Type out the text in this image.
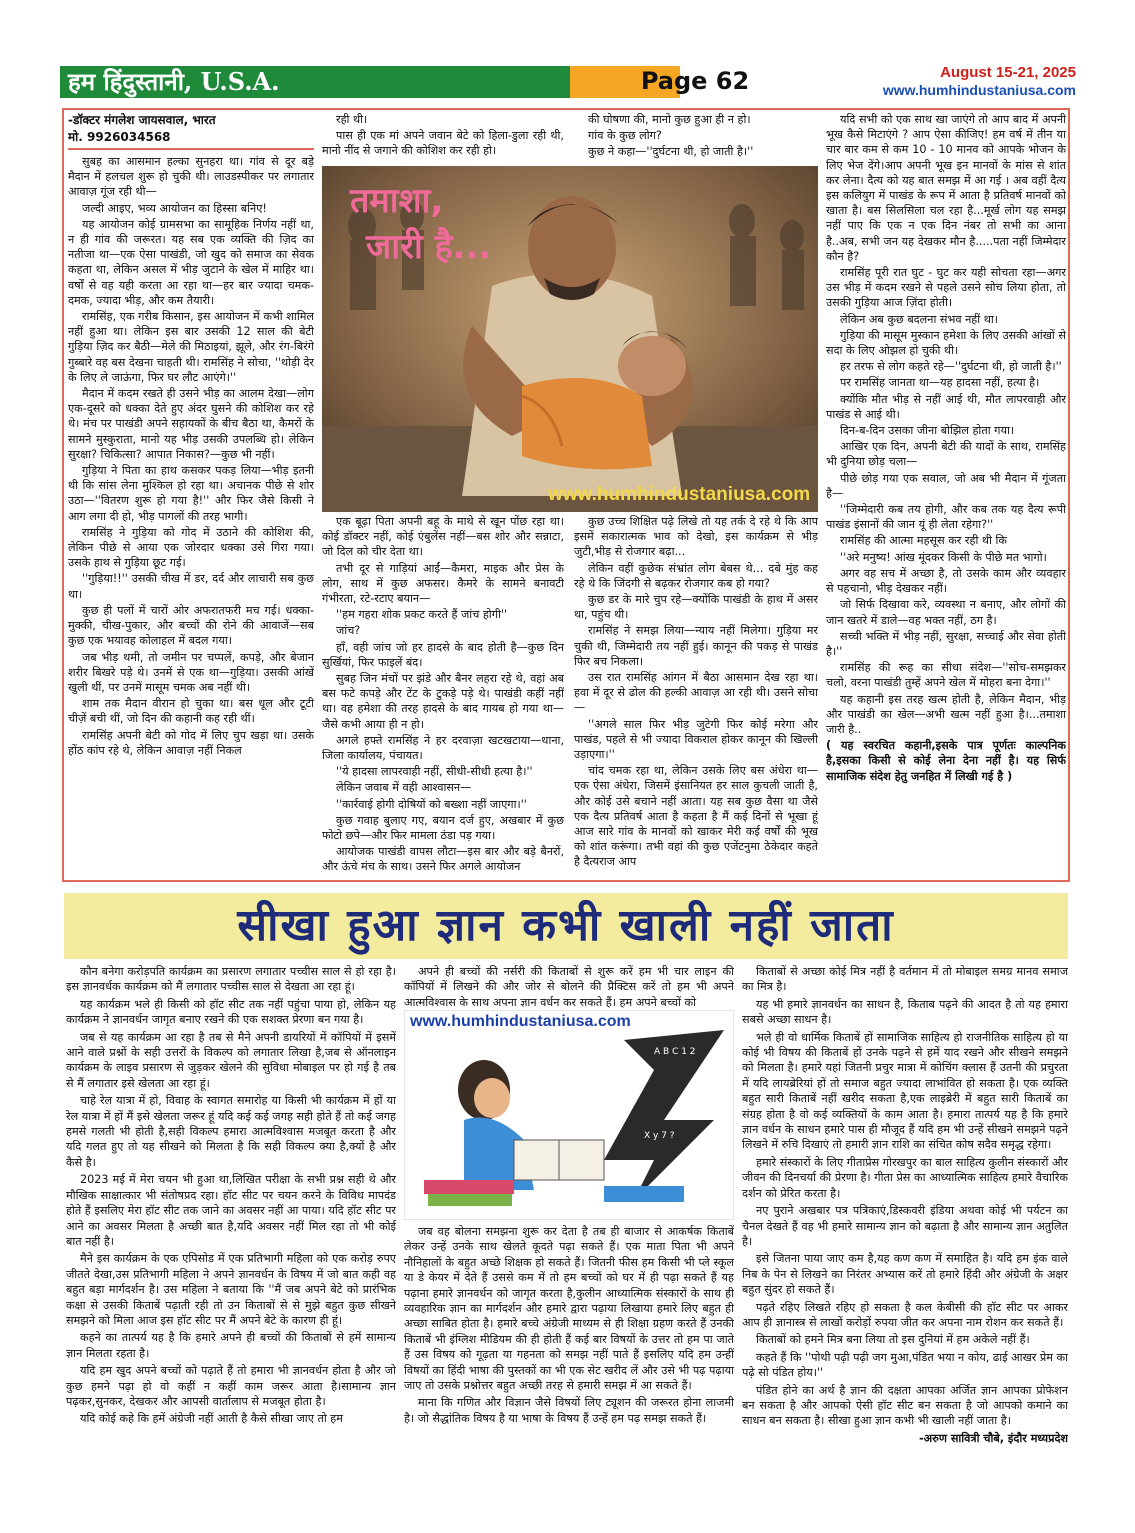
हम हिंदुस्तानी, U.S.A.	Page 62	August 15-21, 2025
www.humhindustaniusa.com
-डॉक्टर मंगलेश जायसवाल, भारत
मो. 9926034568

सुबह का आसमान हल्का सुनहरा था। गांव से दूर बड़े मैदान में हलचल शुरू हो चुकी थी। लाउडस्पीकर पर लगातार आवाज़ गूंज रही थी—

जल्दी आइए, भव्य आयोजन का हिस्सा बनिए!

यह आयोजन कोई ग्रामसभा का सामूहिक निर्णय नहीं था, न ही गांव की जरूरत। यह सब एक व्यक्ति की ज़िद का नतीजा था—एक ऐसा पाखंडी, जो खुद को समाज का सेवक कहता था, लेकिन असल में भीड़ जुटाने के खेल में माहिर था। वर्षों से वह यही करता आ रहा था—हर बार ज्यादा चमक-दमक, ज्यादा भीड़, और कम तैयारी।

रामसिंह, एक गरीब किसान, इस आयोजन में कभी शामिल नहीं हुआ था। लेकिन इस बार उसकी 12 साल की बेटी गुड़िया ज़िद कर बैठी—मेले की मिठाइयां, झूले, और रंग-बिरंगे गुब्बारे वह बस देखना चाहती थी। रामसिंह ने सोचा, ''थोड़ी देर के लिए ले जाऊंगा, फिर घर लौट आएंगे।''

मैदान में कदम रखते ही उसने भीड़ का आलम देखा—लोग एक-दूसरे को धक्का देते हुए अंदर घुसने की कोशिश कर रहे थे। मंच पर पाखंडी अपने सहायकों के बीच बैठा था, कैमरों के सामने मुस्कुराता, मानो यह भीड़ उसकी उपलब्धि हो। लेकिन सुरक्षा? चिकित्सा? आपात निकास?—कुछ भी नहीं।

गुड़िया ने पिता का हाथ कसकर पकड़ लिया—भीड़ इतनी थी कि सांस लेना मुश्किल हो रहा था। अचानक पीछे से शोर उठा—''वितरण शुरू हो गया है!'' और फिर जैसे किसी ने आग लगा दी हो, भीड़ पागलों की तरह भागी।

रामसिंह ने गुड़िया को गोद में उठाने की कोशिश की, लेकिन पीछे से आया एक जोरदार धक्का उसे गिरा गया। उसके हाथ से गुड़िया छूट गई।

''गुड़िया!!'' उसकी चीख में डर, दर्द और लाचारी सब कुछ था।

कुछ ही पलों में चारों ओर अफरातफरी मच गई। धक्का-मुक्की, चीख-पुकार, और बच्चों की रोने की आवाजें—सब कुछ एक भयावह कोलाहल में बदल गया।

जब भीड़ थमी, तो जमीन पर चप्पलें, कपड़े, और बेजान शरीर बिखरे पड़े थे। उनमें से एक था—गुड़िया। उसकी आंखें खुली थीं, पर उनमें मासूम चमक अब नहीं थी।

शाम तक मैदान वीरान हो चुका था। बस धूल और टूटी चीज़ें बची थीं, जो दिन की कहानी कह रही थीं।

रामसिंह अपनी बेटी को गोद में लिए चुप खड़ा था। उसके होंठ कांप रहे थे, लेकिन आवाज़ नहीं निकल

रही थी।

पास ही एक मां अपने जवान बेटे को हिला-डुला रही थी, मानो नींद से जगाने की कोशिश कर रही हो।

की घोषणा की, मानो कुछ हुआ ही न हो।

गांव के कुछ लोग?

कुछ ने कहा—''दुर्घटना थी, हो जाती है।''

तमाशा,
जारी है...
www.humhindustaniusa.com

एक बूढ़ा पिता अपनी बहू के माथे से खून पोंछ रहा था। कोई डॉक्टर नहीं, कोई एंबुलेंस नहीं—बस शोर और सन्नाटा, जो दिल को चीर देता था।

तभी दूर से गाड़ियां आईं—कैमरा, माइक और प्रेस के लोग, साथ में कुछ अफसर। कैमरे के सामने बनावटी गंभीरता, रटे-रटाए बयान—

''हम गहरा शोक प्रकट करते हैं जांच होगी''

जांच?

हाँ, वही जांच जो हर हादसे के बाद होती है—कुछ दिन सुर्खियां, फिर फाइलें बंद।

सुबह जिन मंचों पर झंडे और बैनर लहरा रहे थे, वहां अब बस फटे कपड़े और टेंट के टुकड़े पड़े थे। पाखंडी कहीं नहीं था। वह हमेशा की तरह हादसे के बाद गायब हो गया था—जैसे कभी आया ही न हो।

अगले हफ्ते रामसिंह ने हर दरवाज़ा खटखटाया—थाना, जिला कार्यालय, पंचायत।

''ये हादसा लापरवाही नहीं, सीधी-सीधी हत्या है।''

लेकिन जवाब में वही आश्वासन—

''कार्रवाई होगी दोषियों को बख्शा नहीं जाएगा।''

कुछ गवाह बुलाए गए, बयान दर्ज हुए, अखबार में कुछ फोटो छपे—और फिर मामला ठंडा पड़ गया।

आयोजक पाखंडी वापस लौटा—इस बार और बड़े बैनरों, और ऊंचे मंच के साथ। उसने फिर अगले आयोजन

कुछ उच्च शिक्षित पढ़े लिखे तो यह तर्क दे रहे थे कि आप इसमें सकारात्मक भाव को देखो, इस कार्यक्रम से भीड़ जुटी,भीड़ से रोजगार बढ़ा...

लेकिन वहीं कुछेक संभ्रांत लोग बेबस थे... दबे मुंह कह रहे थे कि जिंदगी से बढ़कर रोजगार कब हो गया?

कुछ डर के मारे चुप रहे—क्योंकि पाखंडी के हाथ में असर था, पहुंच थी।

रामसिंह ने समझ लिया—न्याय नहीं मिलेगा। गुड़िया मर चुकी थी, जिम्मेदारी तय नहीं हुई। कानून की पकड़ से पाखंड फिर बच निकला।

उस रात रामसिंह आंगन में बैठा आसमान देख रहा था। हवा में दूर से ढोल की हल्की आवाज़ आ रही थी। उसने सोचा—

''अगले साल फिर भीड़ जुटेगी फिर कोई मरेगा और पाखंड, पहले से भी ज्यादा विकराल होकर कानून की खिल्ली उड़ाएगा।''

चांद चमक रहा था, लेकिन उसके लिए बस अंधेरा था—एक ऐसा अंधेरा, जिसमें इंसानियत हर साल कुचली जाती है, और कोई उसे बचाने नहीं आता। यह सब कुछ वैसा था जैसे एक दैत्य प्रतिवर्ष आता है कहता है मैं कई दिनों से भूखा हूं आज सारे गांव के मानवों को खाकर मेरी कई वर्षों की भूख को शांत करूंगा। तभी वहां की कुछ एजेंटनुमा ठेकेदार कहते है दैत्यराज आप

यदि सभी को एक साथ खा जाएंगे तो आप बाद में अपनी भूख कैसे मिटाएंगे ? आप ऐसा कीजिए! हम वर्ष में तीन या चार बार कम से कम 10 - 10 मानव को आपके भोजन के लिए भेज देंगे।आप अपनी भूख इन मानवों के मांस से शांत कर लेना। दैत्य को यह बात समझ में आ गई । अब वहीं दैत्य इस कलियुग में पाखंड के रूप में आता है प्रतिवर्ष मानवों को खाता है। बस सिलसिला चल रहा है...मूर्ख लोग यह समझ नहीं पाए कि एक न एक दिन नंबर तो सभी का आना है..अब, सभी जन यह देखकर मौन है.....पता नहीं जिम्मेदार कौन है?

रामसिंह पूरी रात घुट - घुट कर यही सोचता रहा—अगर उस भीड़ में कदम रखने से पहले उसने सोच लिया होता, तो उसकी गुड़िया आज ज़िंदा होती।

लेकिन अब कुछ बदलना संभव नहीं था।

गुड़िया की मासूम मुस्कान हमेशा के लिए उसकी आंखों से सदा के लिए ओझल हो चुकी थी।

हर तरफ से लोग कहते रहे—''दुर्घटना थी, हो जाती है।''

पर रामसिंह जानता था—यह हादसा नहीं, हत्या है।

क्योंकि मौत भीड़ से नहीं आई थी, मौत लापरवाही और पाखंड से आई थी।

दिन-ब-दिन उसका जीना बोझिल होता गया।

आखिर एक दिन, अपनी बेटी की यादों के साथ, रामसिंह भी दुनिया छोड़ चला—

पीछे छोड़ गया एक सवाल, जो अब भी मैदान में गूंजता है—

''जिम्मेदारी कब तय होगी, और कब तक यह दैत्य रूपी पाखंड इंसानों की जान यूं ही लेता रहेगा?''

रामसिंह की आत्मा महसूस कर रही थी कि

''अरे मनुष्य! आंख मूंदकर किसी के पीछे मत भागो।

अगर वह सच में अच्छा है, तो उसके काम और व्यवहार से पहचानो, भीड़ देखकर नहीं।

जो सिर्फ दिखावा करे, व्यवस्था न बनाए, और लोगों की जान खतरे में डाले—वह भक्त नहीं, ठग है।

सच्ची भक्ति में भीड़ नहीं, सुरक्षा, सच्चाई और सेवा होती है।''

रामसिंह की रूह का सीधा संदेश—''सोच-समझकर चलो, वरना पाखंडी तुम्हें अपने खेल में मोहरा बना देगा।''

यह कहानी इस तरह खत्म होती है, लेकिन मैदान, भीड़ और पाखंडी का खेल—अभी खत्म नहीं हुआ है।...तमाशा जारी है..

( यह स्वरचित कहानी,इसके पात्र पूर्णतः काल्पनिक है,इसका किसी से कोई लेना देना नहीं है। यह सिर्फ सामाजिक संदेश हेतु जनहित में लिखी गई है )

सीखा हुआ ज्ञान कभी खाली नहीं जाता

कौन बनेगा करोड़पति कार्यक्रम का प्रसारण लगातार पच्चीस साल से हो रहा है। इस ज्ञानवर्धक कार्यक्रम को मैं लगातार पच्चीस साल से देखता आ रहा हूं।

यह कार्यक्रम भले ही किसी को हॉट सीट तक नहीं पहुंचा पाया हो, लेकिन यह कार्यक्रम ने ज्ञानवर्धन जागृत बनाए रखने की एक सशक्त प्रेरणा बन गया है।

जब से यह कार्यक्रम आ रहा है तब से मैने अपनी डायरियों में कॉपियों में इसमें आने वाले प्रश्नों के सही उत्तरों के विकल्प को लगातार लिखा है,जब से ऑनलाइन कार्यक्रम के लाइव प्रसारण से जुड़कर खेलने की सुविधा मोबाइल पर हो गई है तब से मैं लगातार इसे खेलता आ रहा हूं।

चाहे रेल यात्रा में हो, विवाह के स्वागत समारोह या किसी भी कार्यक्रम में हों या रेल यात्रा में हों मैं इसे खेलता जरूर हूं यदि कई कई जगह सही होते हैं तो कई जगह हमसे गलती भी होती है,सही विकल्प हमारा आत्मविश्वास मजबूत करता है और यदि गलत हुए तो यह सीखने को मिलता है कि सही विकल्प क्या है,क्यों है और कैसे है।

2023 मई में मेरा चयन भी हुआ था,लिखित परीक्षा के सभी प्रश्न सही थे और मौखिक साक्षात्कार भी संतोषप्रद रहा। हॉट सीट पर चयन करने के विविध मापदंड होते हैं इसलिए मेरा हॉट सीट तक जाने का अवसर नहीं आ पाया। यदि हॉट सीट पर आने का अवसर मिलता है अच्छी बात है,यदि अवसर नहीं मिल रहा तो भी कोई बात नहीं है।

मैने इस कार्यक्रम के एक एपिसोड में एक प्रतिभागी महिला को एक करोड़ रुपए जीतते देखा,उस प्रतिभागी महिला ने अपने ज्ञानवर्धन के विषय में जो बात कही वह बहुत बड़ा मार्गदर्शन है। उस महिला ने बताया कि ''मैं जब अपने बेटे को प्रारंभिक कक्षा से उसकी किताबें पढ़ाती रही तो उन किताबों से से मुझे बहुत कुछ सीखने समझने को मिला आज इस हॉट सीट पर मैं अपने बेटे के कारण ही हूं।

कहने का तात्पर्य यह है कि हमारे अपने ही बच्चों की किताबों से हमें सामान्य ज्ञान मिलता रहता है।

यदि हम खुद अपने बच्चों को पढ़ाते हैं तो हमारा भी ज्ञानवर्धन होता है और जो कुछ हमने पढ़ा हो वो कहीं न कहीं काम जरूर आता है।सामान्य ज्ञान पढ़कर,सुनकर, देखकर और आपसी वार्तालाप से मजबूत होता है।

यदि कोई कहे कि हमें अंग्रेजी नहीं आती है कैसे सीखा जाए तो हम

अपने ही बच्चों की नर्सरी की किताबों से शुरू करें हम भी चार लाइन की कॉपियों में लिखने की और जोर से बोलने की प्रैक्टिस करें तो हम भी अपने आत्मविश्वास के साथ अपना ज्ञान वर्धन कर सकते हैं। हम अपने बच्चों को

A B C 1 2
X y 7 ?
www.humhindustaniusa.com

जब वह बोलना समझना शुरू कर देता है तब ही बाजार से आकर्षक किताबें लेकर उन्हें उनके साथ खेलते कूदते पढ़ा सकते हैं। एक माता पिता भी अपने नौनिहालों के बहुत अच्छे शिक्षक हो सकते हैं। जितनी फीस हम किसी भी प्ले स्कूल या डे केयर में देते हैं उससे कम में तो हम बच्चों को घर में ही पढ़ा सकते हैं यह पढ़ाना हमारे ज्ञानवर्धन को जागृत करता है,कुलीन आध्यात्मिक संस्कारों के साथ ही व्यवहारिक ज्ञान का मार्गदर्शन और हमारे द्वारा पढ़ाया लिखाया हमारे लिए बहुत ही अच्छा साबित होता है। हमारे बच्चे अंग्रेजी माध्यम से ही शिक्षा ग्रहण करते हैं उनकी किताबें भी इंग्लिश मीडियम की ही होती हैं कई बार विषयों के उत्तर तो हम पा जाते हैं उस विषय को गूढ़ता या गहनता को समझ नहीं पाते हैं इसलिए यदि हम उन्हीं विषयों का हिंदी भाषा की पुस्तकों का भी एक सेट खरीद लें और उसे भी पढ़ पढ़ाया जाए तो उसके प्रश्नोत्तर बहुत अच्छी तरह से हमारी समझ में आ सकते हैं।

माना कि गणित और विज्ञान जैसे विषयों लिए ट्यूशन की जरूरत होना लाजमी है। जो सैद्धांतिक विषय है या भाषा के विषय हैं उन्हें हम पढ़ समझ सकते हैं।

किताबों से अच्छा कोई मित्र नहीं है वर्तमान में तो मोबाइल समग्र मानव समाज का मित्र है।

यह भी हमारे ज्ञानवर्धन का साधन है, किताब पढ़ने की आदत है तो यह हमारा सबसे अच्छा साधन है।

भले ही वो धार्मिक किताबें हों सामाजिक साहित्य हो राजनीतिक साहित्य हो या कोई भी विषय की किताबें हों उनके पढ़ने से हमें याद रखने और सीखने समझने को मिलता है। हमारे यहां जितनी प्रचुर मात्रा में कोचिंग क्लास हैं उतनी की प्रचुरता में यदि लायब्रेरियां हों तो समाज बहुत ज्यादा लाभांवित हो सकता है। एक व्यक्ति बहुत सारी किताबें नहीं खरीद सकता है,एक लाइब्रेरी में बहुत सारी किताबें का संग्रह होता है वो कई व्यक्तियों के काम आता है। हमारा तात्पर्य यह है कि हमारे ज्ञान वर्धन के साधन हमारे पास ही मौजूद हैं यदि हम भी उन्हें सीखने समझने पढ़ने लिखने में रुचि दिखाएं तो हमारी ज्ञान राशि का संचित कोष सदैव समृद्ध रहेगा।

हमारे संस्कारों के लिए गीताप्रेस गोरखपुर का बाल साहित्य कुलीन संस्कारों और जीवन की दिनचर्या की प्रेरणा है। गीता प्रेस का आध्यात्मिक साहित्य हमारे वैचारिक दर्शन को प्रेरित करता है।

नए पुराने अखबार पत्र पत्रिकाएं,डिस्कवरी इंडिया अथवा कोई भी पर्यटन का चैनल देखते हैं वह भी हमारे सामान्य ज्ञान को बढ़ाता है और सामान्य ज्ञान अतुलित है।

इसे जितना पाया जाए कम है,यह कण कण में समाहित है। यदि हम इंक वाले निब के पेन से लिखने का निरंतर अभ्यास करें तो हमारे हिंदी और अंग्रेजी के अक्षर बहुत सुंदर हो सकते हैं।

पढ़ते रहिए लिखते रहिए हो सकता है कल केबीसी की हॉट सीट पर आकर आप ही ज्ञानास्त्र से लाखों करोड़ों रुपया जीत कर अपना नाम रोशन कर सकते हैं।

किताबों को हमने मित्र बना लिया तो इस दुनियां में हम अकेले नहीं हैं।

कहते हैं कि ''पोथी पढ़ी पढ़ी जग मुआ,पंडित भया न कोय, ढाई आखर प्रेम का पढ़े सो पंडित होय।''

पंडित होने का अर्थ है ज्ञान की दक्षता आपका अर्जित ज्ञान आपका प्रोफेशन बन सकता है और आपको ऐसी हॉट सीट बन सकता है जो आपको कमाने का साधन बन सकता है। सीखा हुआ ज्ञान कभी भी खाली नहीं जाता है।

-अरुण सावित्री चौबे, इंदौर मध्यप्रदेश
